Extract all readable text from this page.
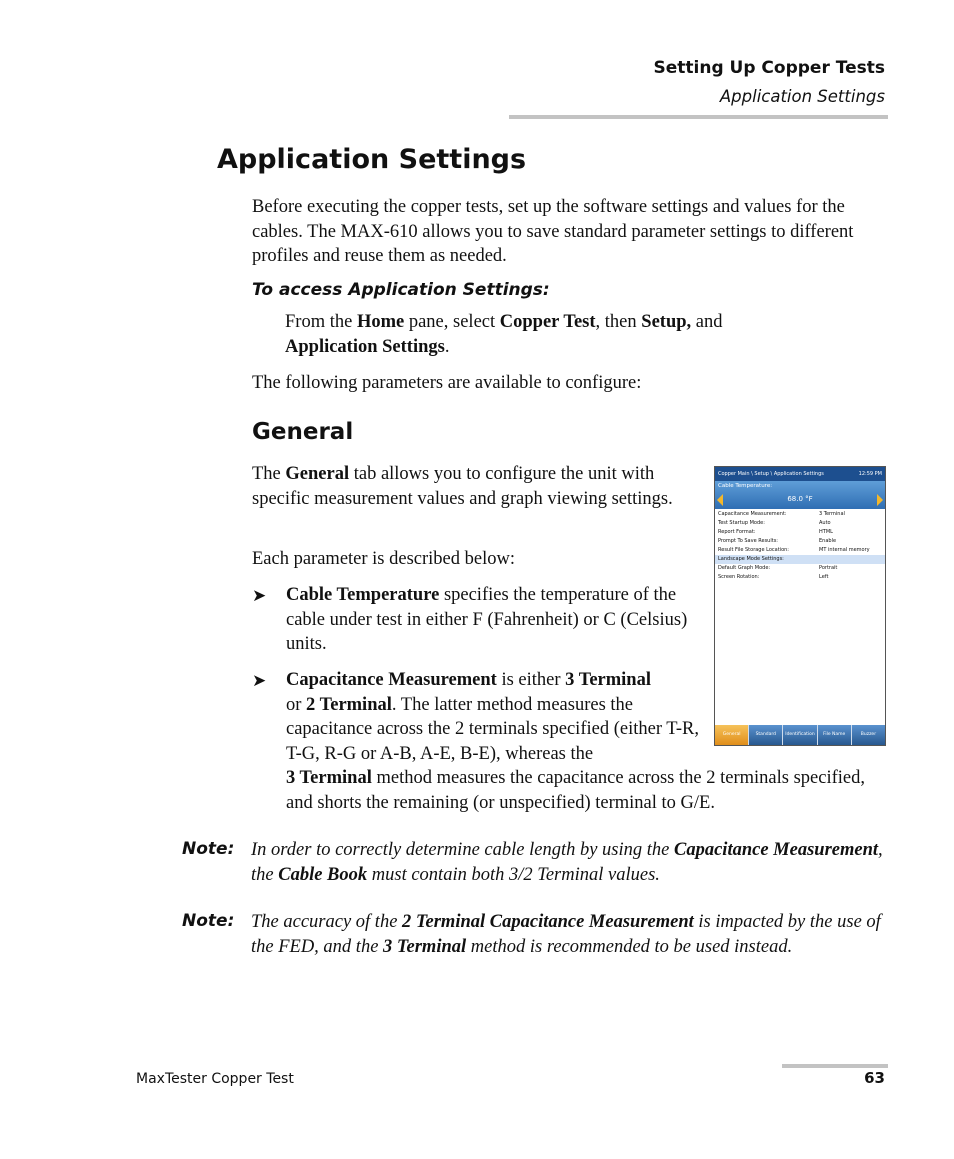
Setting Up Copper Tests
Application Settings
Application Settings

Before executing the copper tests, set up the software settings and values for the cables. The MAX-610 allows you to save standard parameter settings to different profiles and reuse them as needed.

To access Application Settings:

From the Home pane, select Copper Test, then Setup, and
Application Settings.

The following parameters are available to configure:

General

The General tab allows you to configure the unit with specific measurement values and graph viewing settings.

Each parameter is described below:

➤ Cable Temperature specifies the temperature of the cable under test in either F (Fahrenheit) or C (Celsius) units.

➤ Capacitance Measurement is either 3 Terminal
or 2 Terminal. The latter method measures the capacitance across the 2 terminals specified (either T-R, T-G, R-G or A-B, A-E, B-E), whereas the

3 Terminal method measures the capacitance across the 2 terminals specified, and shorts the remaining (or unspecified) terminal to G/E.

Note: In order to correctly determine cable length by using the Capacitance Measurement, the Cable Book must contain both 3/2 Terminal values.

Note: The accuracy of the 2 Terminal Capacitance Measurement is impacted by the use of the FED, and the 3 Terminal method is recommended to be used instead.

Copper Main \ Setup \ Application Settings	12:59 PM
Cable Temperature:
68.0 °F
Capacitance Measurement:	3 Terminal
Test Startup Mode:	Auto
Report Format:	HTML
Prompt To Save Results:	Enable
Result File Storage Location:	MT internal memory
Landscape Mode Settings:
Default Graph Mode:	Portrait
Screen Rotation:	Left
General	Standard	Identification	File Name	Buzzer
MaxTester Copper Test	63
